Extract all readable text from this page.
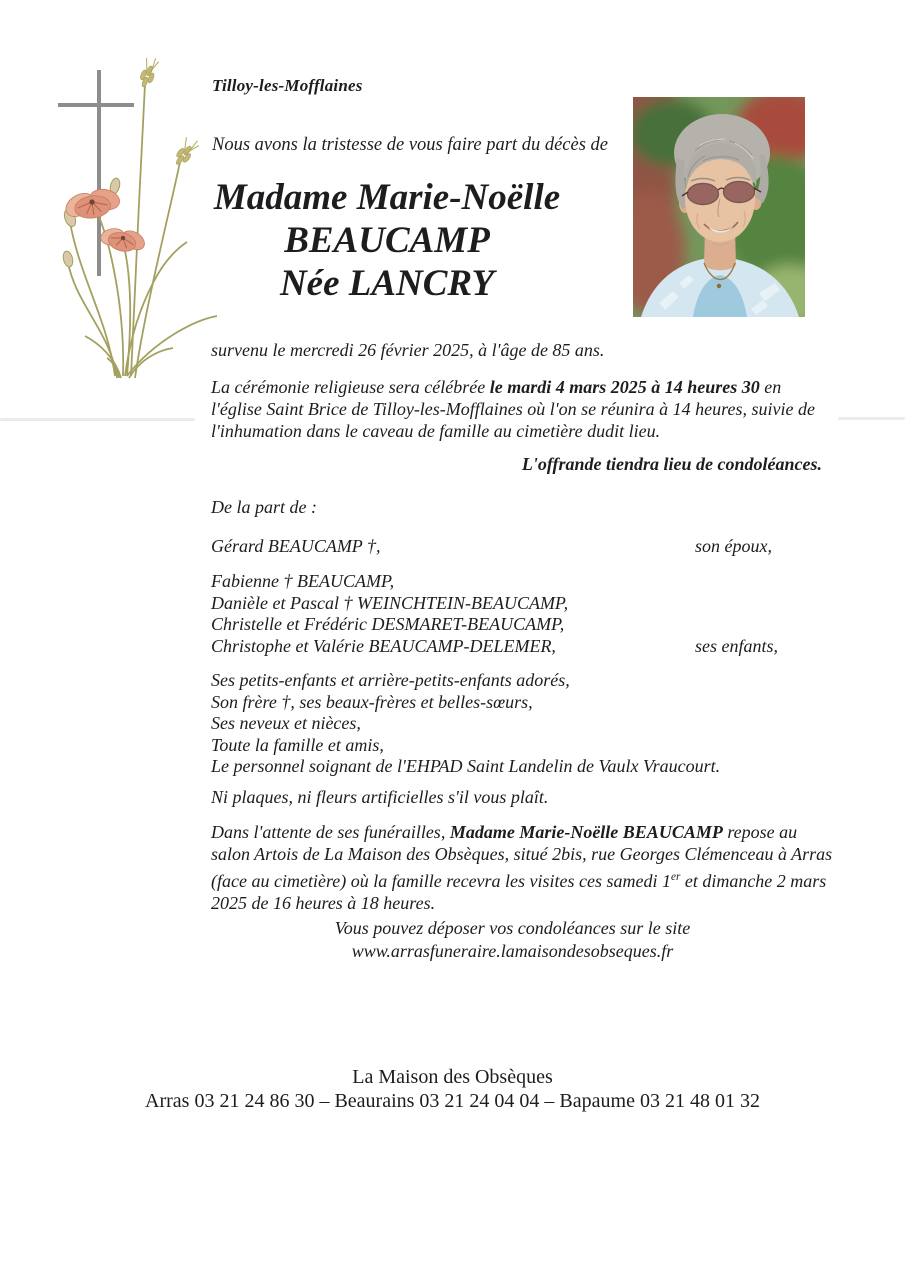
Tilloy-les-Mofflaines
Nous avons la tristesse de vous faire part du décès de
Madame Marie-Noëlle
BEAUCAMP
Née LANCRY
survenu le mercredi 26 février 2025, à l'âge de 85 ans.
La cérémonie religieuse sera célébrée le mardi 4 mars 2025 à 14 heures 30 en l'église Saint Brice de Tilloy-les-Mofflaines où l'on se réunira à 14 heures, suivie de l'inhumation dans le caveau de famille au cimetière dudit lieu.
L'offrande tiendra lieu de condoléances.
De la part de :
Gérard BEAUCAMP †,	son époux,
Fabienne † BEAUCAMP,
Danièle et Pascal † WEINCHTEIN-BEAUCAMP,
Christelle et Frédéric DESMARET-BEAUCAMP,
Christophe et Valérie BEAUCAMP-DELEMER,	ses enfants,
Ses petits-enfants et arrière-petits-enfants adorés,
Son frère †, ses beaux-frères et belles-sœurs,
Ses neveux et nièces,
Toute la famille et amis,
Le personnel soignant de l'EHPAD Saint Landelin de Vaulx Vraucourt.
Ni plaques, ni fleurs artificielles s'il vous plaît.
Dans l'attente de ses funérailles, Madame Marie-Noëlle BEAUCAMP repose au salon Artois de La Maison des Obsèques, situé 2bis, rue Georges Clémenceau à Arras (face au cimetière) où la famille recevra les visites ces samedi 1er et dimanche 2 mars 2025 de 16 heures à 18 heures.
Vous pouvez déposer vos condoléances sur le site
www.arrasfuneraire.lamaisondesobseques.fr
La Maison des Obsèques
Arras 03 21 24 86 30 – Beaurains 03 21 24 04 04 – Bapaume 03 21 48 01 32
